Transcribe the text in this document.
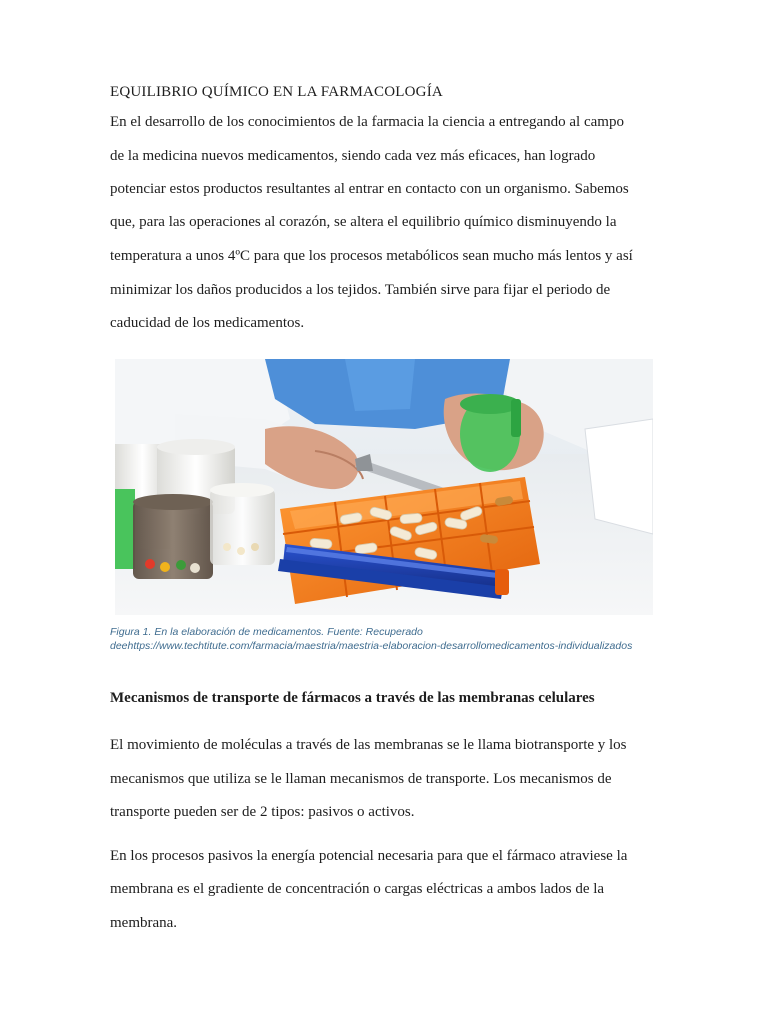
EQUILIBRIO QUÍMICO EN LA FARMACOLOGÍA
En el desarrollo de los conocimientos de la farmacia la ciencia a entregando al campo
de la medicina nuevos medicamentos, siendo cada vez más eficaces, han logrado
potenciar estos productos resultantes al entrar en contacto con un organismo. Sabemos
que, para las operaciones al corazón, se altera el equilibrio químico disminuyendo la
temperatura a unos 4ºC para que los procesos metabólicos sean mucho más lentos y así
minimizar los daños producidos a los tejidos. También sirve para fijar el periodo de
caducidad de los medicamentos.
Figura 1. En la elaboración de medicamentos. Fuente: Recuperado
deehttps://www.techtitute.com/farmacia/maestria/maestria-elaboracion-desarrollomedicamentos-individualizados
Mecanismos de transporte de fármacos a través de las membranas celulares
El movimiento de moléculas a través de las membranas se le llama biotransporte y los
mecanismos que utiliza se le llaman mecanismos de transporte. Los mecanismos de
transporte pueden ser de 2 tipos: pasivos o activos.
En los procesos pasivos la energía potencial necesaria para que el fármaco atraviese la
membrana es el gradiente de concentración o cargas eléctricas a ambos lados de la
membrana.
